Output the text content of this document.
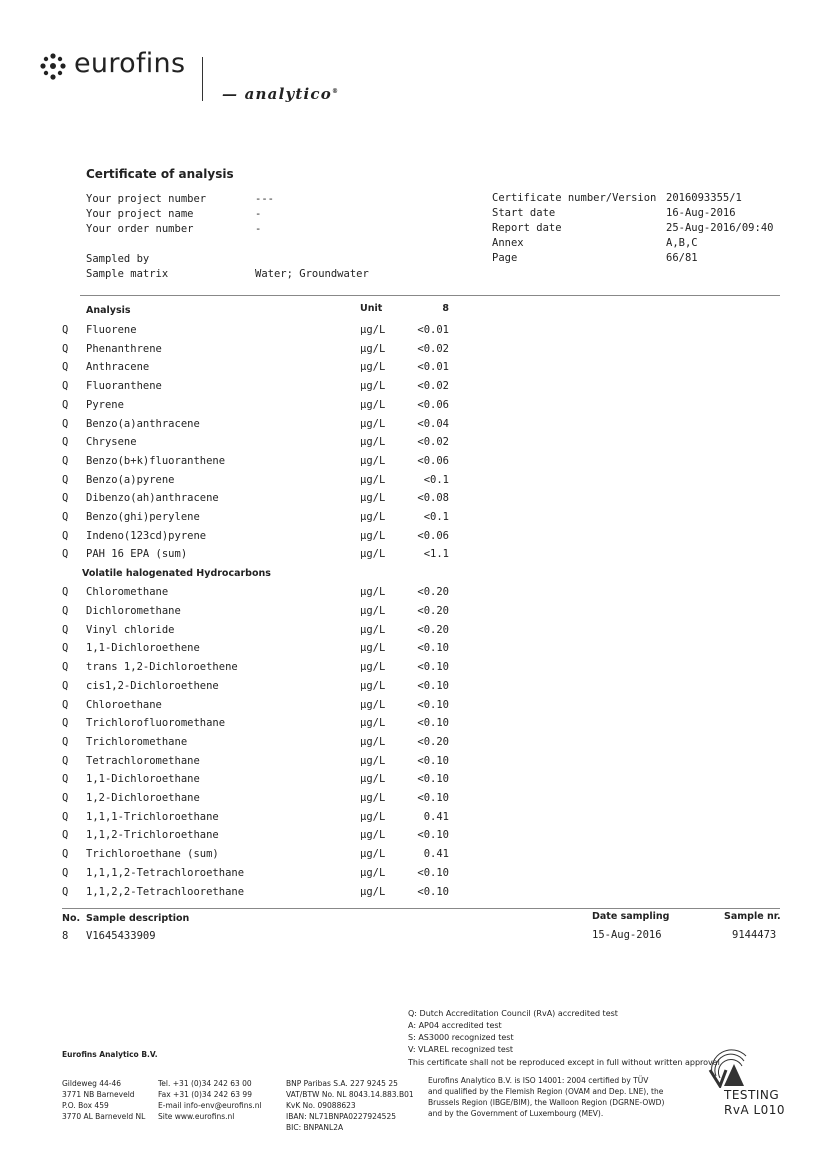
eurofins
— analytico®
Certificate of analysis
Your project number	---
Your project name	-
Your order number	-
Sampled by
Sample matrix	Water; Groundwater
Certificate number/Version 2016093355/1
Start date	16-Aug-2016
Report date	25-Aug-2016/09:40
Annex	A,B,C
Page	66/81
Analysis	Unit	8
Q Fluorene	µg/L	<0.01
Q Phenanthrene	µg/L	<0.02
Q Anthracene	µg/L	<0.01
Q Fluoranthene	µg/L	<0.02
Q Pyrene	µg/L	<0.06
Q Benzo(a)anthracene	µg/L	<0.04
Q Chrysene	µg/L	<0.02
Q Benzo(b+k)fluoranthene	µg/L	<0.06
Q Benzo(a)pyrene	µg/L	<0.1
Q Dibenzo(ah)anthracene	µg/L	<0.08
Q Benzo(ghi)perylene	µg/L	<0.1
Q Indeno(123cd)pyrene	µg/L	<0.06
Q PAH 16 EPA (sum)	µg/L	<1.1
Volatile halogenated Hydrocarbons
Q Chloromethane	µg/L	<0.20
Q Dichloromethane	µg/L	<0.20
Q Vinyl chloride	µg/L	<0.20
Q 1,1-Dichloroethene	µg/L	<0.10
Q trans 1,2-Dichloroethene	µg/L	<0.10
Q cis1,2-Dichloroethene	µg/L	<0.10
Q Chloroethane	µg/L	<0.10
Q Trichlorofluoromethane	µg/L	<0.10
Q Trichloromethane	µg/L	<0.20
Q Tetrachloromethane	µg/L	<0.10
Q 1,1-Dichloroethane	µg/L	<0.10
Q 1,2-Dichloroethane	µg/L	<0.10
Q 1,1,1-Trichloroethane	µg/L	0.41
Q 1,1,2-Trichloroethane	µg/L	<0.10
Q Trichloroethane (sum)	µg/L	0.41
Q 1,1,1,2-Tetrachloroethane	µg/L	<0.10
Q 1,1,2,2-Tetrachloorethane	µg/L	<0.10
No. Sample description	Date sampling	Sample nr.
8 V1645433909	15-Aug-2016	9144473
Q: Dutch Accreditation Council (RvA) accredited test
A: AP04 accredited test
S: AS3000 recognized test
V: VLAREL recognized test
This certificate shall not be reproduced except in full without written approval
Eurofins Analytico B.V.
Gildeweg 44-46
3771 NB Barneveld
P.O. Box 459
3770 AL Barneveld NL
Tel. +31 (0)34 242 63 00
Fax +31 (0)34 242 63 99
E-mail info-env@eurofins.nl
Site www.eurofins.nl
BNP Paribas S.A. 227 9245 25
VAT/BTW No. NL 8043.14.883.B01
KvK No. 09088623
IBAN: NL71BNPA0227924525
BIC: BNPANL2A
Eurofins Analytico B.V. is ISO 14001: 2004 certified by TÜV
and qualified by the Flemish Region (OVAM and Dep. LNE), the
Brussels Region (IBGE/BIM), the Walloon Region (DGRNE-OWD)
and by the Government of Luxembourg (MEV).
TESTING
RvA L010
